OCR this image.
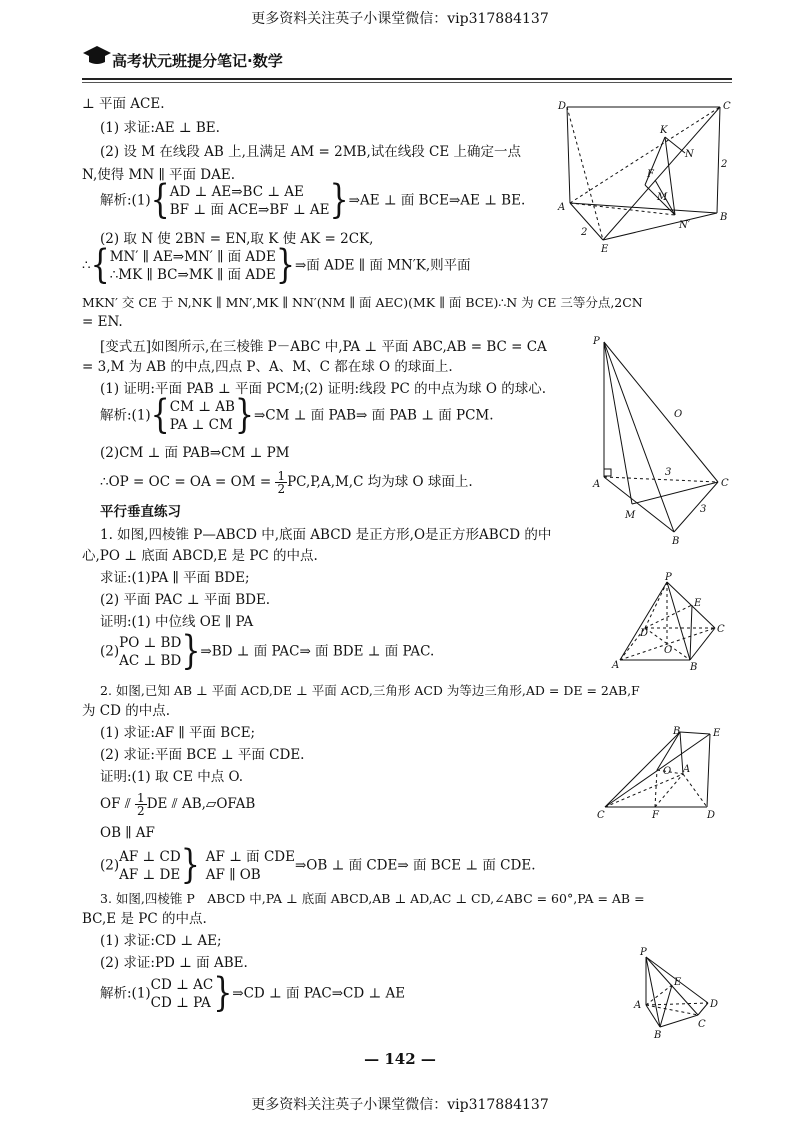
更多资料关注英子小课堂微信：vip317884137
高考状元班提分笔记·数学
⊥ 平面 ACE.
(1) 求证:AE ⊥ BE.
(2) 设 M 在线段 AB 上,且满足 AM = 2MB,试在线段 CE 上确定一点
N,使得 MN ∥ 平面 DAE.
解析:(1){ AD ⊥ AE⇒BC ⊥ AE
BF ⊥ 面 ACE⇒BF ⊥ AE }⇒AE ⊥ 面 BCE⇒AE ⊥ BE.
(2) 取 N 使 2BN = EN,取 K 使 AK = 2CK,
∴{ MN′ ∥ AE⇒MN′ ∥ 面 ADE
∴MK ∥ BC⇒MK ∥ 面 ADE }⇒面 ADE ∥ 面 MN′K,则平面
MKN′ 交 CE 于 N,NK ∥ MN′,MK ∥ NN′(NM ∥ 面 AEC)(MK ∥ 面 BCE)∴N 为 CE 三等分点,2CN
= EN.
[变式五]如图所示,在三棱锥 P－ABC 中,PA ⊥ 平面 ABC,AB = BC = CA
= 3,M 为 AB 的中点,四点 P、A、M、C 都在球 O 的球面上.
(1) 证明:平面 PAB ⊥ 平面 PCM;(2) 证明:线段 PC 的中点为球 O 的球心.
解析:(1){ CM ⊥ AB
PA ⊥ CM }⇒CM ⊥ 面 PAB⇒ 面 PAB ⊥ 面 PCM.
(2)CM ⊥ 面 PAB⇒CM ⊥ PM
∴OP = OC = OA = OM = $\frac{1}{2} PC,P,A,M,C$ 均为球 O 球面上.
平行垂直练习
1. 如图,四棱锥 P—ABCD 中,底面 ABCD 是正方形,O是正方形ABCD 的中
心,PO ⊥ 底面 ABCD,E 是 PC 的中点.
求证:(1)PA ∥ 平面 BDE;
(2) 平面 PAC ⊥ 平面 BDE.
证明:(1) 中位线 OE ∥ PA
(2)
PO ⊥ BD
AC ⊥ BD }⇒BD ⊥ 面 PAC⇒ 面 BDE ⊥ 面 PAC.
2. 如图,已知 AB ⊥ 平面 ACD,DE ⊥ 平面 ACD,三角形 ACD 为等边三角形,AD = DE = 2AB,F
为 CD 的中点.
(1) 求证:AF ∥ 平面 BCE;
(2) 求证:平面 BCE ⊥ 平面 CDE.
证明:(1) 取 CE 中点 O.
OF ⫽ $\frac{1}{2}$ DE ⫽ AB,▱OFAB
OB ∥ AF
(2)
AF ⊥ CD
AF ⊥ DE } AF ⊥ 面 CDE
AF ∥ OB
⇒OB ⊥ 面 CDE⇒ 面 BCE ⊥ 面 CDE.
3. 如图,四棱锥 P　ABCD 中,PA ⊥ 底面 ABCD,AB ⊥ AD,AC ⊥ CD,∠ABC = 60°,PA = AB =
BC,E 是 PC 的中点.
(1) 求证:CD ⊥ AE;
(2) 求证:PD ⊥ 面 ABE.
解析:(1)
CD ⊥ AC
CD ⊥ PA }⇒CD ⊥ 面 PAC⇒CD ⊥ AE
— 142 —
更多资料关注英子小课堂微信：vip317884137
D	C
K
N
F
M
A
B
E
N′
2
2
P
O
A	C
M
B
3
3
P
E
D	C
O
A	B
B	E
O A
C	F	D
P
E
A	D
B
C
